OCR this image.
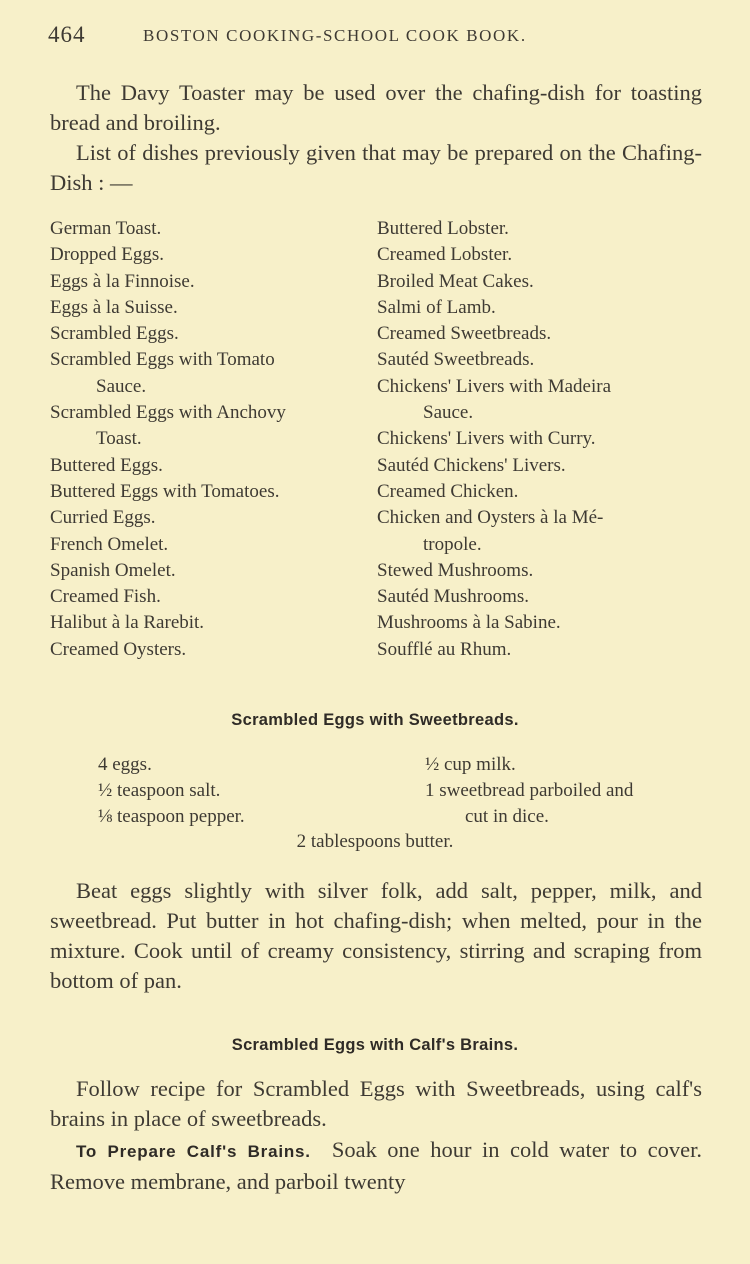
464	BOSTON COOKING-SCHOOL COOK BOOK.

The Davy Toaster may be used over the chafing-dish for toasting bread and broiling.

List of dishes previously given that may be prepared on the Chafing-Dish : —

German Toast.
Dropped Eggs.
Eggs à la Finnoise.
Eggs à la Suisse.
Scrambled Eggs.
Scrambled Eggs with Tomato
Sauce.
Scrambled Eggs with Anchovy
Toast.
Buttered Eggs.
Buttered Eggs with Tomatoes.
Curried Eggs.
French Omelet.
Spanish Omelet.
Creamed Fish.
Halibut à la Rarebit.
Creamed Oysters.
Buttered Lobster.
Creamed Lobster.
Broiled Meat Cakes.
Salmi of Lamb.
Creamed Sweetbreads.
Sautéd Sweetbreads.
Chickens' Livers with Madeira
Sauce.
Chickens' Livers with Curry.
Sautéd Chickens' Livers.
Creamed Chicken.
Chicken and Oysters à la Mé-
tropole.
Stewed Mushrooms.
Sautéd Mushrooms.
Mushrooms à la Sabine.
Soufflé au Rhum.
Scrambled Eggs with Sweetbreads.
4 eggs.
½ teaspoon salt.
⅛ teaspoon pepper.
½ cup milk.
1 sweetbread parboiled and
cut in dice.
2 tablespoons butter.

Beat eggs slightly with silver folk, add salt, pepper, milk, and sweetbread. Put butter in hot chafing-dish; when melted, pour in the mixture. Cook until of creamy consistency, stirring and scraping from bottom of pan.

Scrambled Eggs with Calf's Brains.

Follow recipe for Scrambled Eggs with Sweetbreads, using calf's brains in place of sweetbreads.

To Prepare Calf's Brains. Soak one hour in cold water to cover. Remove membrane, and parboil twenty
